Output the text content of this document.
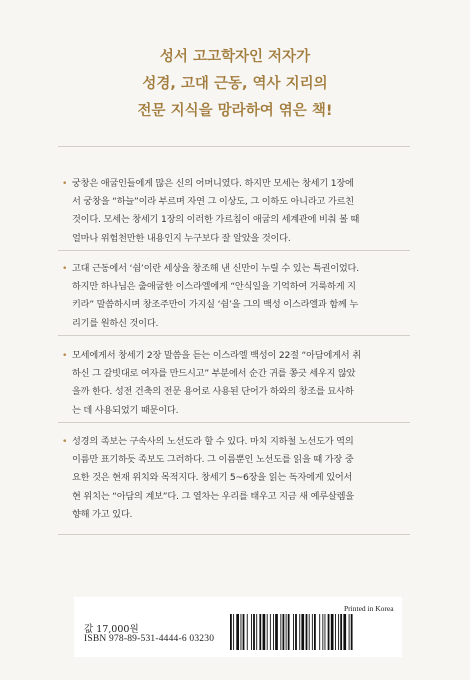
성서 고고학자인 저자가
성경, 고대 근동, 역사 지리의
전문 지식을 망라하여 엮은 책!
• 궁창은 애굽인들에게 많은 신의 어머니였다. 하지만 모세는 창세기 1장에
서 궁창을 “하늘”이라 부르며 자연 그 이상도, 그 이하도 아니라고 가르친
것이다. 모세는 창세기 1장의 이러한 가르침이 애굽의 세계관에 비춰 볼 때
얼마나 위험천만한 내용인지 누구보다 잘 알았을 것이다.
• 고대 근동에서 ‘쉼’이란 세상을 창조해 낸 신만이 누릴 수 있는 특권이었다.
하지만 하나님은 출애굽한 이스라엘에게 “안식일을 기억하여 거룩하게 지
키라” 말씀하시며 창조주만이 가지실 ‘쉼’을 그의 백성 이스라엘과 함께 누
리기를 원하신 것이다.
• 모세에게서 창세기 2장 말씀을 듣는 이스라엘 백성이 22절 “아담에게서 취
하신 그 갈빗대로 여자를 만드시고” 부분에서 순간 귀를 쫑긋 세우지 않았
을까 한다. 성전 건축의 전문 용어로 사용된 단어가 하와의 창조를 묘사하
는 데 사용되었기 때문이다.
• 성경의 족보는 구속사의 노선도라 할 수 있다. 마치 지하철 노선도가 역의
이름만 표기하듯 족보도 그러하다. 그 이름뿐인 노선도를 읽을 때 가장 중
요한 것은 현재 위치와 목적지다. 창세기 5~6장을 읽는 독자에게 있어서
현 위치는 “아담의 계보”다. 그 열차는 우리를 태우고 지금 새 예루살렘을
향해 가고 있다.
값 17,000원
ISBN 978-89-531-4444-6 03230
Printed in Korea
